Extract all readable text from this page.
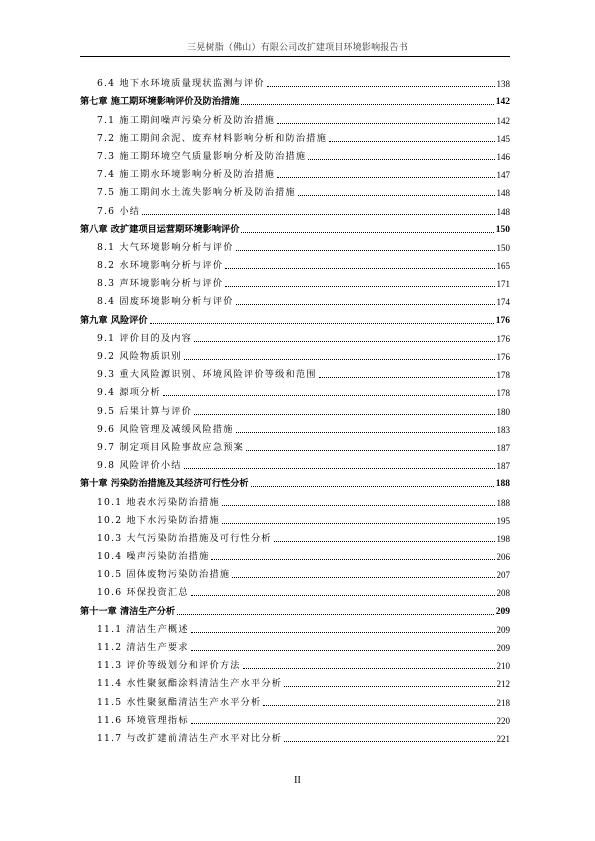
三晃树脂（佛山）有限公司改扩建项目环境影响报告书
6.4 地下水环境质量现状监测与评价	138
第七章 施工期环境影响评价及防治措施	142
7.1 施工期间噪声污染分析及防治措施	142
7.2 施工期间余泥、废弃材料影响分析和防治措施	145
7.3 施工期环境空气质量影响分析及防治措施	146
7.4 施工期水环境影响分析及防治措施	147
7.5 施工期间水土流失影响分析及防治措施	148
7.6 小结	148
第八章 改扩建项目运营期环境影响评价	150
8.1 大气环境影响分析与评价	150
8.2 水环境影响分析与评价	165
8.3 声环境影响分析与评价	171
8.4 固废环境影响分析与评价	174
第九章 风险评价	176
9.1 评价目的及内容	176
9.2 风险物质识别	176
9.3 重大风险源识别、环境风险评价等级和范围	178
9.4 源项分析	178
9.5 后果计算与评价	180
9.6 风险管理及减缓风险措施	183
9.7 制定项目风险事故应急预案	187
9.8 风险评价小结	187
第十章 污染防治措施及其经济可行性分析	188
10.1 地表水污染防治措施	188
10.2 地下水污染防治措施	195
10.3 大气污染防治措施及可行性分析	198
10.4 噪声污染防治措施	206
10.5 固体废物污染防治措施	207
10.6 环保投资汇总	208
第十一章 清洁生产分析	209
11.1 清洁生产概述	209
11.2 清洁生产要求	209
11.3 评价等级划分和评价方法	210
11.4 水性聚氨酯涂料清洁生产水平分析	212
11.5 水性聚氨酯清洁生产水平分析	218
11.6 环境管理指标	220
11.7 与改扩建前清洁生产水平对比分析	221
II
